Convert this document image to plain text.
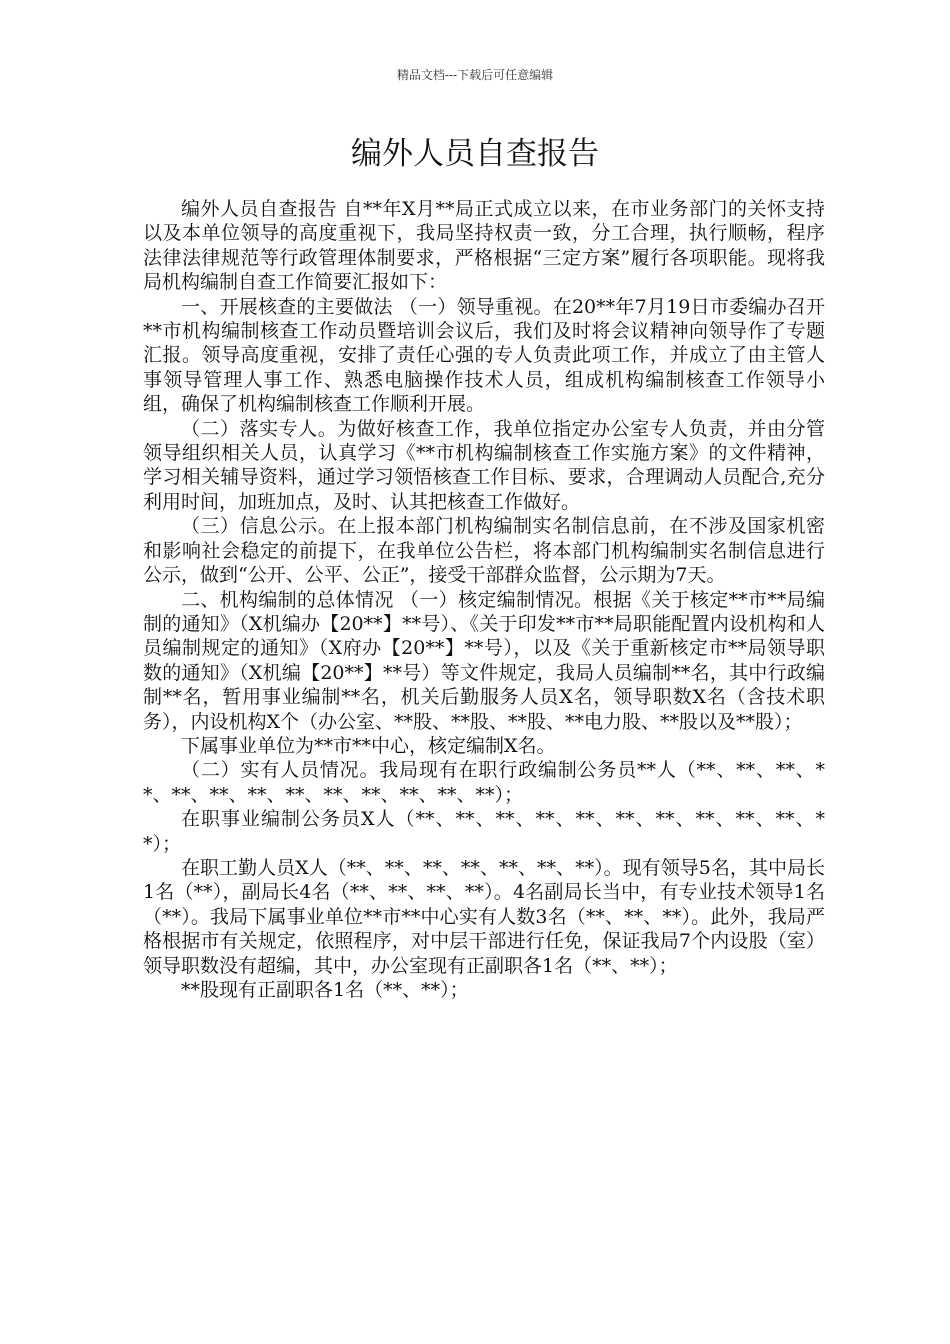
精品文档---下载后可任意编辑
编外人员自查报告

编外人员自查报告 自**年X月**局正式成立以来，在市业务部门的关怀支持以及本单位领导的高度重视下，我局坚持权责一致，分工合理，执行顺畅，程序法律法律规范等行政管理体制要求，严格根据“三定方案”履行各项职能。现将我局机构编制自查工作简要汇报如下：

一、开展核查的主要做法 （一）领导重视。在20**年7月19日市委编办召开**市机构编制核查工作动员暨培训会议后，我们及时将会议精神向领导作了专题汇报。领导高度重视，安排了责任心强的专人负责此项工作，并成立了由主管人事领导管理人事工作、熟悉电脑操作技术人员，组成机构编制核查工作领导小组，确保了机构编制核查工作顺利开展。

（二）落实专人。为做好核查工作，我单位指定办公室专人负责，并由分管领导组织相关人员，认真学习《**市机构编制核查工作实施方案》的文件精神，学习相关辅导资料，通过学习领悟核查工作目标、要求，合理调动人员配合,充分利用时间，加班加点，及时、认其把核查工作做好。

（三）信息公示。在上报本部门机构编制实名制信息前，在不涉及国家机密和影响社会稳定的前提下，在我单位公告栏，将本部门机构编制实名制信息进行公示，做到“公开、公平、公正”，接受干部群众监督，公示期为7天。

二、机构编制的总体情况 （一）核定编制情况。根据《关于核定**市**局编制的通知》（X机编办【20**】**号）、《关于印发**市**局职能配置内设机构和人员编制规定的通知》（X府办【20**】**号），以及《关于重新核定市**局领导职数的通知》（X机编【20**】**号）等文件规定，我局人员编制**名，其中行政编制**名，暂用事业编制**名，机关后勤服务人员X名，领导职数X名（含技术职务），内设机构X个（办公室、**股、**股、**股、**电力股、**股以及**股）；

下属事业单位为**市**中心，核定编制X名。

（二）实有人员情况。我局现有在职行政编制公务员**人（**、**、**、**、**、**、**、**、**、**、**、**、**）；

在职事业编制公务员X人（**、**、**、**、**、**、**、**、**、**、**）；

在职工勤人员X人（**、**、**、**、**、**、**）。现有领导5名，其中局长1名（**），副局长4名（**、**、**、**）。4名副局长当中，有专业技术领导1名（**）。我局下属事业单位**市**中心实有人数3名（**、**、**）。此外，我局严格根据市有关规定，依照程序，对中层干部进行任免，保证我局7个内设股（室）领导职数没有超编，其中，办公室现有正副职各1名（**、**）；

**股现有正副职各1名（**、**）；
